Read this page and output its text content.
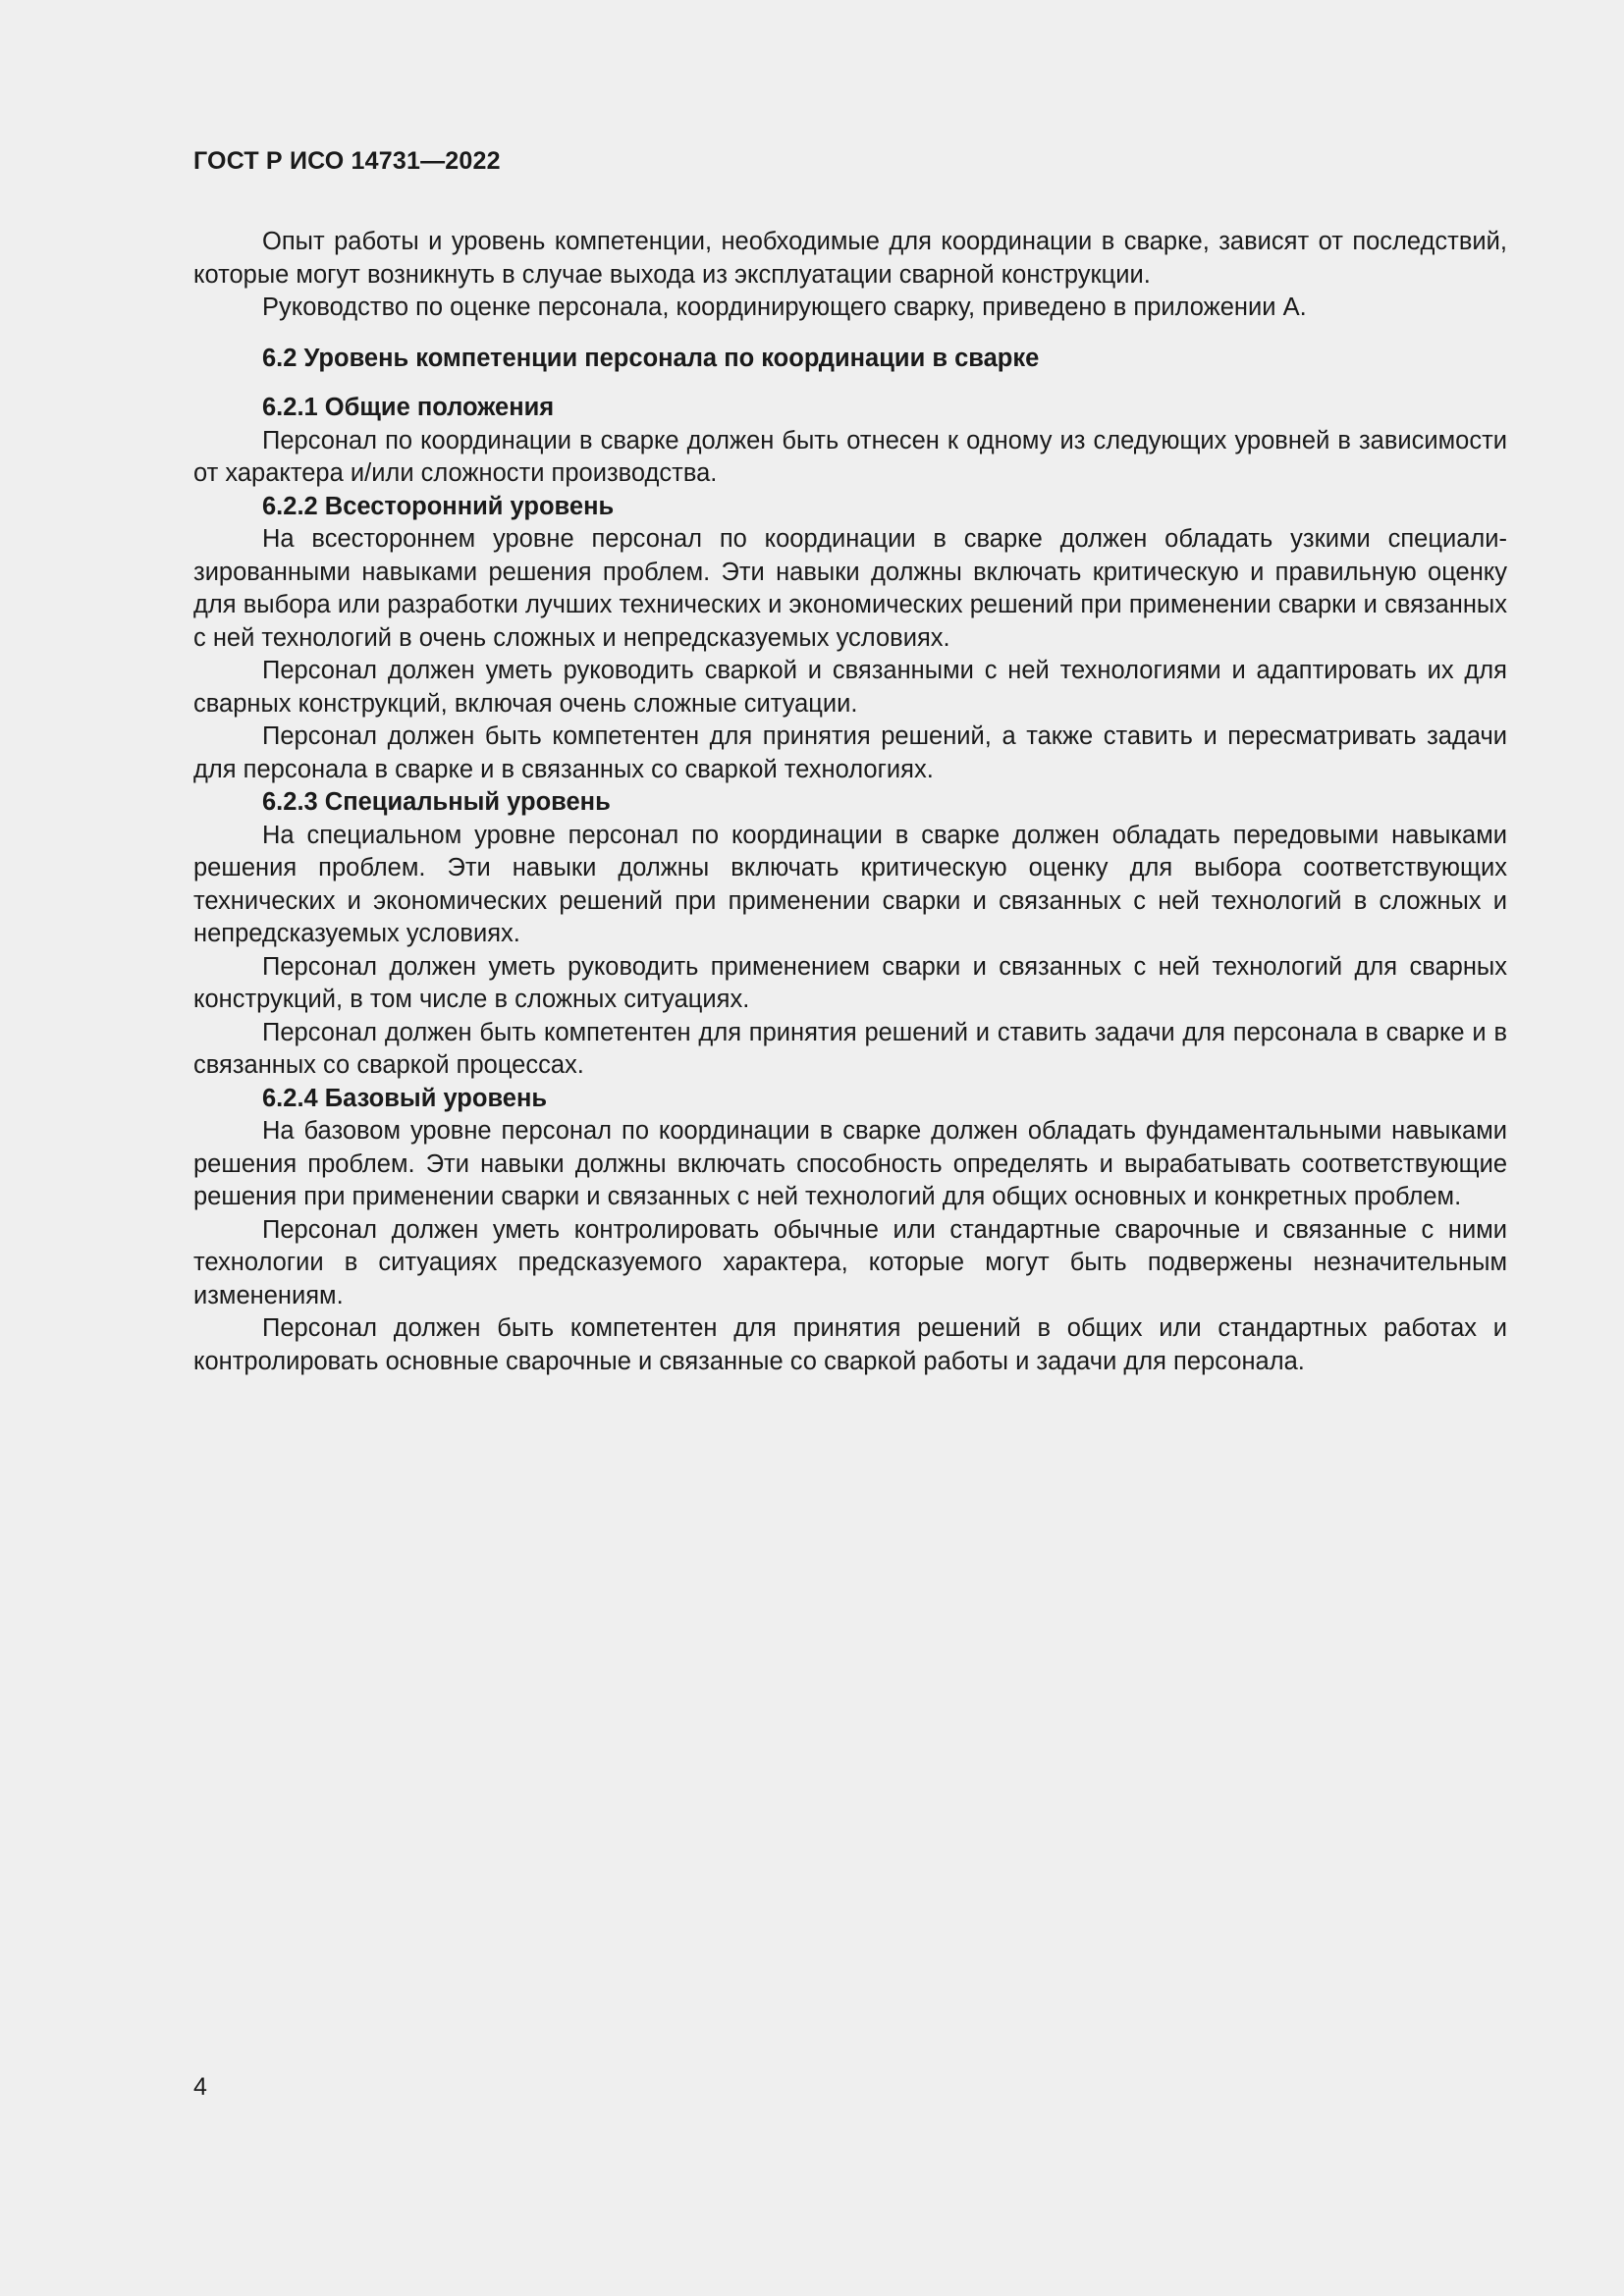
ГОСТ Р ИСО 14731—2022

Опыт работы и уровень компетенции, необходимые для координации в сварке, зависят от последствий, которые могут возникнуть в случае выхода из эксплуатации сварной конструкции.

Руководство по оценке персонала, координирующего сварку, приведено в приложении А.

6.2 Уровень компетенции персонала по координации в сварке
6.2.1 Общие положения

Персонал по координации в сварке должен быть отнесен к одному из следующих уровней в зависимости от характера и/или сложности производства.

6.2.2 Всесторонний уровень

На всестороннем уровне персонал по координации в сварке должен обладать узкими специализированными навыками решения проблем. Эти навыки должны включать критическую и правильную оценку для выбора или разработки лучших технических и экономических решений при применении сварки и связанных с ней технологий в очень сложных и непредсказуемых условиях.

Персонал должен уметь руководить сваркой и связанными с ней технологиями и адаптировать их для сварных конструкций, включая очень сложные ситуации.

Персонал должен быть компетентен для принятия решений, а также ставить и пересматривать задачи для персонала в сварке и в связанных со сваркой технологиях.

6.2.3 Специальный уровень

На специальном уровне персонал по координации в сварке должен обладать передовыми навыками решения проблем. Эти навыки должны включать критическую оценку для выбора соответствующих технических и экономических решений при применении сварки и связанных с ней технологий в сложных и непредсказуемых условиях.

Персонал должен уметь руководить применением сварки и связанных с ней технологий для сварных конструкций, в том числе в сложных ситуациях.

Персонал должен быть компетентен для принятия решений и ставить задачи для персонала в сварке и в связанных со сваркой процессах.

6.2.4 Базовый уровень

На базовом уровне персонал по координации в сварке должен обладать фундаментальными навыками решения проблем. Эти навыки должны включать способность определять и вырабатывать соответствующие решения при применении сварки и связанных с ней технологий для общих основных и конкретных проблем.

Персонал должен уметь контролировать обычные или стандартные сварочные и связанные с ними технологии в ситуациях предсказуемого характера, которые могут быть подвержены незначительным изменениям.

Персонал должен быть компетентен для принятия решений в общих или стандартных работах и контролировать основные сварочные и связанные со сваркой работы и задачи для персонала.

4
